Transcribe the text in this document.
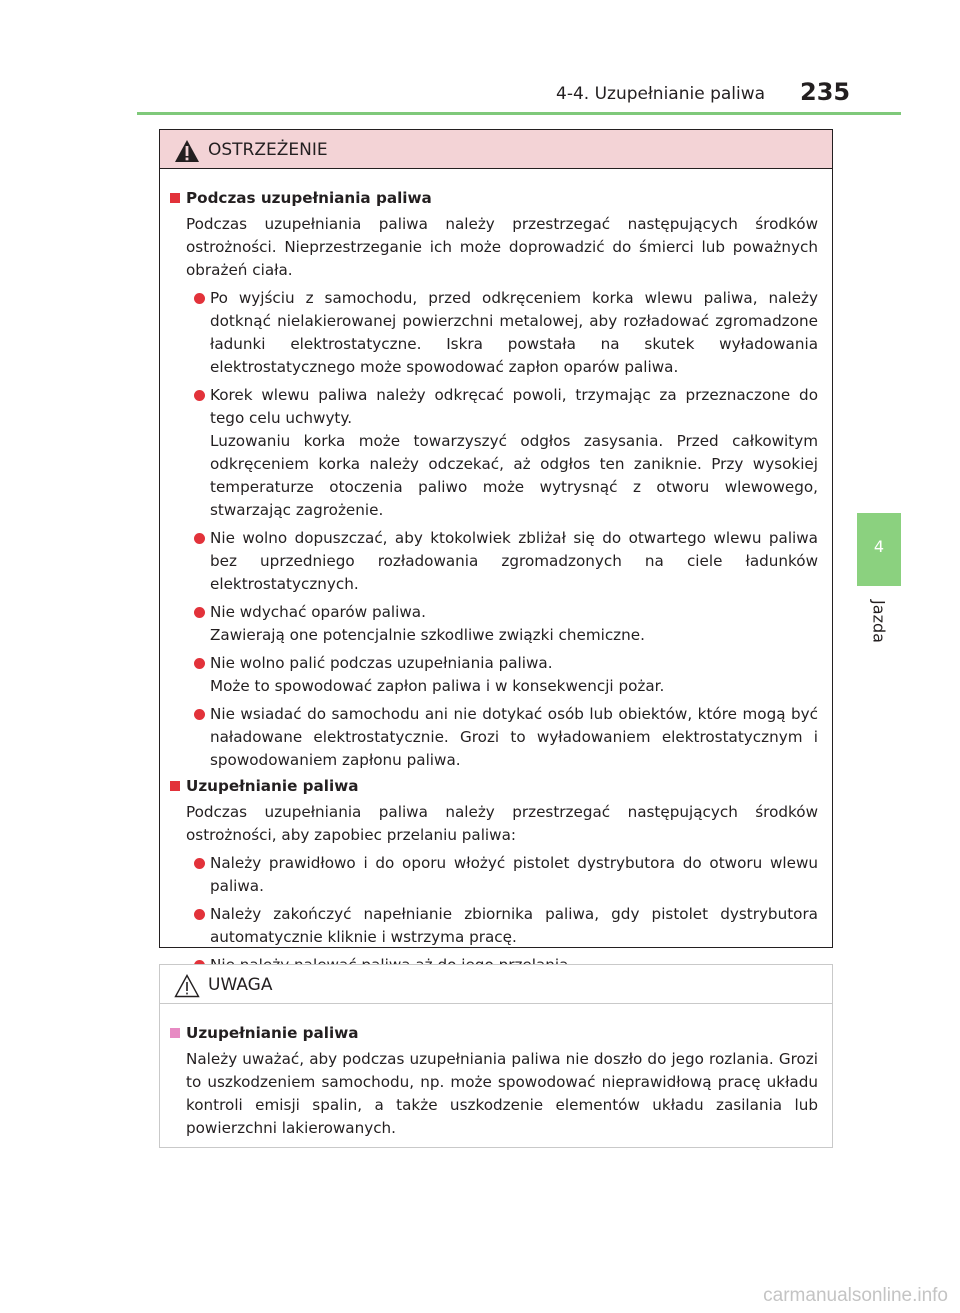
4-4. Uzupełnianie paliwa 235
4
Jazda
OSTRZEŻENIE
Podczas uzupełniania paliwa
Podczas uzupełniania paliwa należy przestrzegać następujących środków ostrożności. Nieprzestrzeganie ich może doprowadzić do śmierci lub poważnych obrażeń ciała.
Po wyjściu z samochodu, przed odkręceniem korka wlewu paliwa, należy dotknąć nielakierowanej powierzchni metalowej, aby rozładować zgromadzone ładunki elektrostatyczne. Iskra powstała na skutek wyładowania elektrostatycznego może spowodować zapłon oparów paliwa.
Korek wlewu paliwa należy odkręcać powoli, trzymając za przeznaczone do tego celu uchwyty.
Luzowaniu korka może towarzyszyć odgłos zasysania. Przed całkowitym odkręceniem korka należy odczekać, aż odgłos ten zaniknie. Przy wysokiej temperaturze otoczenia paliwo może wytrysnąć z otworu wlewowego, stwarzając zagrożenie.
Nie wolno dopuszczać, aby ktokolwiek zbliżał się do otwartego wlewu paliwa bez uprzedniego rozładowania zgromadzonych na ciele ładunków elektrostatycznych.
Nie wdychać oparów paliwa.
Zawierają one potencjalnie szkodliwe związki chemiczne.
Nie wolno palić podczas uzupełniania paliwa.
Może to spowodować zapłon paliwa i w konsekwencji pożar.
Nie wsiadać do samochodu ani nie dotykać osób lub obiektów, które mogą być naładowane elektrostatycznie. Grozi to wyładowaniem elektrostatycznym i spowodowaniem zapłonu paliwa.
Uzupełnianie paliwa
Podczas uzupełniania paliwa należy przestrzegać następujących środków ostrożności, aby zapobiec przelaniu paliwa:
Należy prawidłowo i do oporu włożyć pistolet dystrybutora do otworu wlewu paliwa.
Należy zakończyć napełnianie zbiornika paliwa, gdy pistolet dystrybutora automatycznie kliknie i wstrzyma pracę.
UWAGA
Uzupełnianie paliwa
Należy uważać, aby podczas uzupełniania paliwa nie doszło do jego rozlania. Grozi to uszkodzeniem samochodu, np. może spowodować nieprawidłową pracę układu kontroli emisji spalin, a także uszkodzenie elementów układu zasilania lub powierzchni lakierowanych.
carmanualsonline.info
